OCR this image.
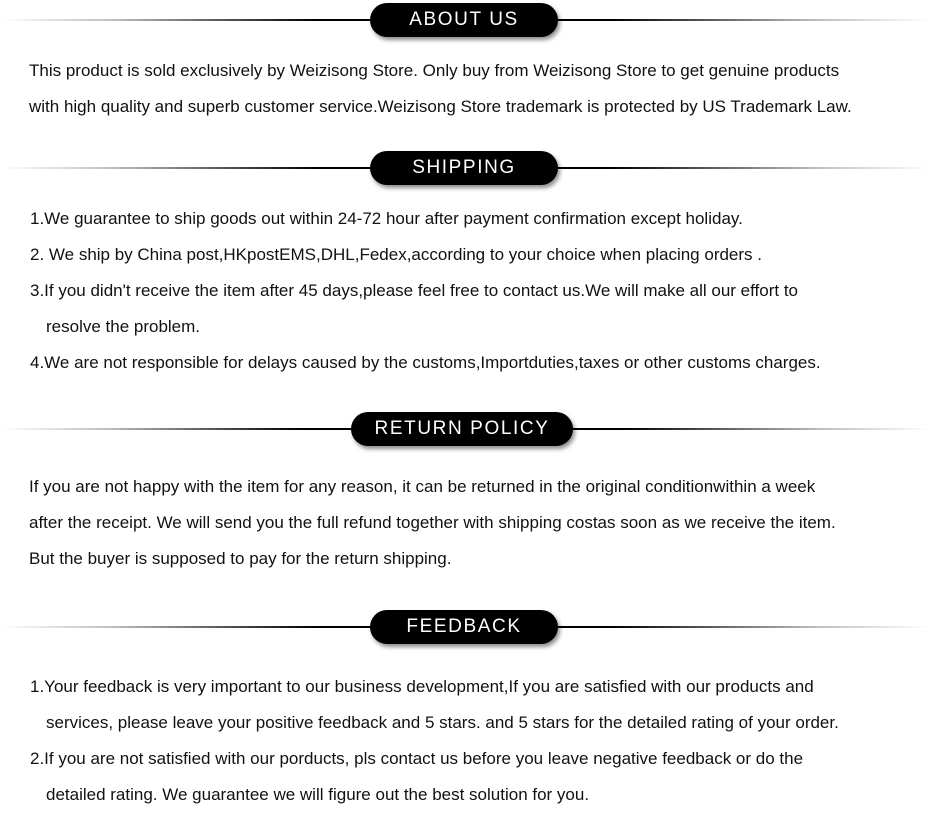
ABOUT US
This product is sold exclusively by Weizisong Store. Only buy from Weizisong Store to get genuine products
with high quality and superb customer service.Weizisong Store trademark is protected by US Trademark Law.
SHIPPING
1.We guarantee to ship goods out within 24-72 hour after payment confirmation except holiday.
2. We ship by China post,HKpostEMS,DHL,Fedex,according to your choice when placing orders .
3.If you didn't receive the item after 45 days,please feel free to contact us.We will make all our effort to
resolve the problem.
4.We are not responsible for delays caused by the customs,Importduties,taxes or other customs charges.
RETURN POLICY
If you are not happy with the item for any reason, it can be returned in the original conditionwithin a week
after the receipt. We will send you the full refund together with shipping costas soon as we receive the item.
But the buyer is supposed to pay for the return shipping.
FEEDBACK
1.Your feedback is very important to our business development,If you are satisfied with our products and
services, please leave your positive feedback and 5 stars. and 5 stars for the detailed rating of your order.
2.If you are not satisfied with our porducts, pls contact us before you leave negative feedback or do the
detailed rating. We guarantee we will figure out the best solution for you.
